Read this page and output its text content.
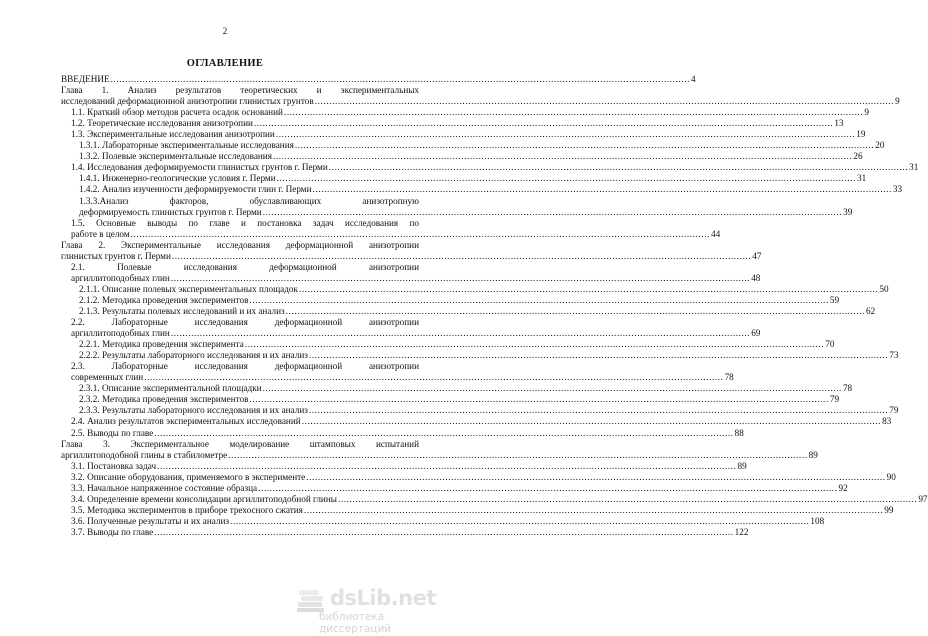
2
ОГЛАВЛЕНИЕ
ВВЕДЕНИЕ ........................................................................................................................................................................................................ 4
Глава 1. Анализ результатов теоретических и экспериментальных
исследований деформационной анизотропии глинистых грунтов ........................................................................................................................................................................................................ 9
1.1. Краткий обзор методов расчета осадок оснований ........................................................................................................................................................................................................ 9
1.2. Теоретические исследования анизотропии ........................................................................................................................................................................................................ 13
1.3. Экспериментальные исследования анизотропии ........................................................................................................................................................................................................ 19
1.3.1. Лабораторные экспериментальные исследования ........................................................................................................................................................................................................ 20
1.3.2. Полевые экспериментальные исследования ........................................................................................................................................................................................................ 26
1.4. Исследования деформируемости глинистых грунтов г. Перми ........................................................................................................................................................................................................ 31
1.4.1. Инженерно-геологические условия г. Перми ........................................................................................................................................................................................................ 31
1.4.2. Анализ изученности деформируемости глин г. Перми ........................................................................................................................................................................................................ 33
1.3.3.Анализ факторов, обуславливающих анизотропную
деформируемость глинистых грунтов г. Перми ........................................................................................................................................................................................................ 39
1.5. Основные выводы по главе и постановка задач исследования по
работе в целом ........................................................................................................................................................................................................ 44
Глава 2. Экспериментальные исследования деформационной анизотропии
глинистых грунтов г. Перми ........................................................................................................................................................................................................ 47
2.1. Полевые исследования деформационной анизотропии
аргиллитоподобных глин ........................................................................................................................................................................................................ 48
2.1.1. Описание полевых экспериментальных площадок ........................................................................................................................................................................................................ 50
2.1.2. Методика проведения экспериментов ........................................................................................................................................................................................................ 59
2.1.3. Результаты полевых исследований и их анализ ........................................................................................................................................................................................................ 62
2.2. Лабораторные исследования деформационной анизотропии
аргиллитоподобных глин ........................................................................................................................................................................................................ 69
2.2.1. Методика проведения эксперимента ........................................................................................................................................................................................................ 70
2.2.2. Результаты лабораторного исследования и их анализ ........................................................................................................................................................................................................ 73
2.3. Лабораторные исследования деформационной анизотропии
современных глин ........................................................................................................................................................................................................ 78
2.3.1. Описание экспериментальной площадки ........................................................................................................................................................................................................ 78
2.3.2. Методика проведения экспериментов ........................................................................................................................................................................................................ 79
2.3.3. Результаты лабораторного исследования и их анализ ........................................................................................................................................................................................................ 79
2.4. Анализ результатов экспериментальных исследований ........................................................................................................................................................................................................ 83
2.5. Выводы по главе ........................................................................................................................................................................................................ 88
Глава 3. Экспериментальное моделирование штамповых испытаний
аргиллитоподобной глины в стабилометре ........................................................................................................................................................................................................ 89
3.1. Постановка задач ........................................................................................................................................................................................................ 89
3.2. Описание оборудования, применяемого в эксперименте ........................................................................................................................................................................................................ 90
3.3. Начальное напряженное состояние образца ........................................................................................................................................................................................................ 92
3.4. Определение времени консолидации аргиллитоподобной глины ........................................................................................................................................................................................................ 97
3.5. Методика экспериментов в приборе трехосного сжатия ........................................................................................................................................................................................................ 99
3.6. Полученные результаты и их анализ ........................................................................................................................................................................................................ 108
3.7. Выводы по главе ........................................................................................................................................................................................................ 122
dsLib.net
библиотека диссертаций
